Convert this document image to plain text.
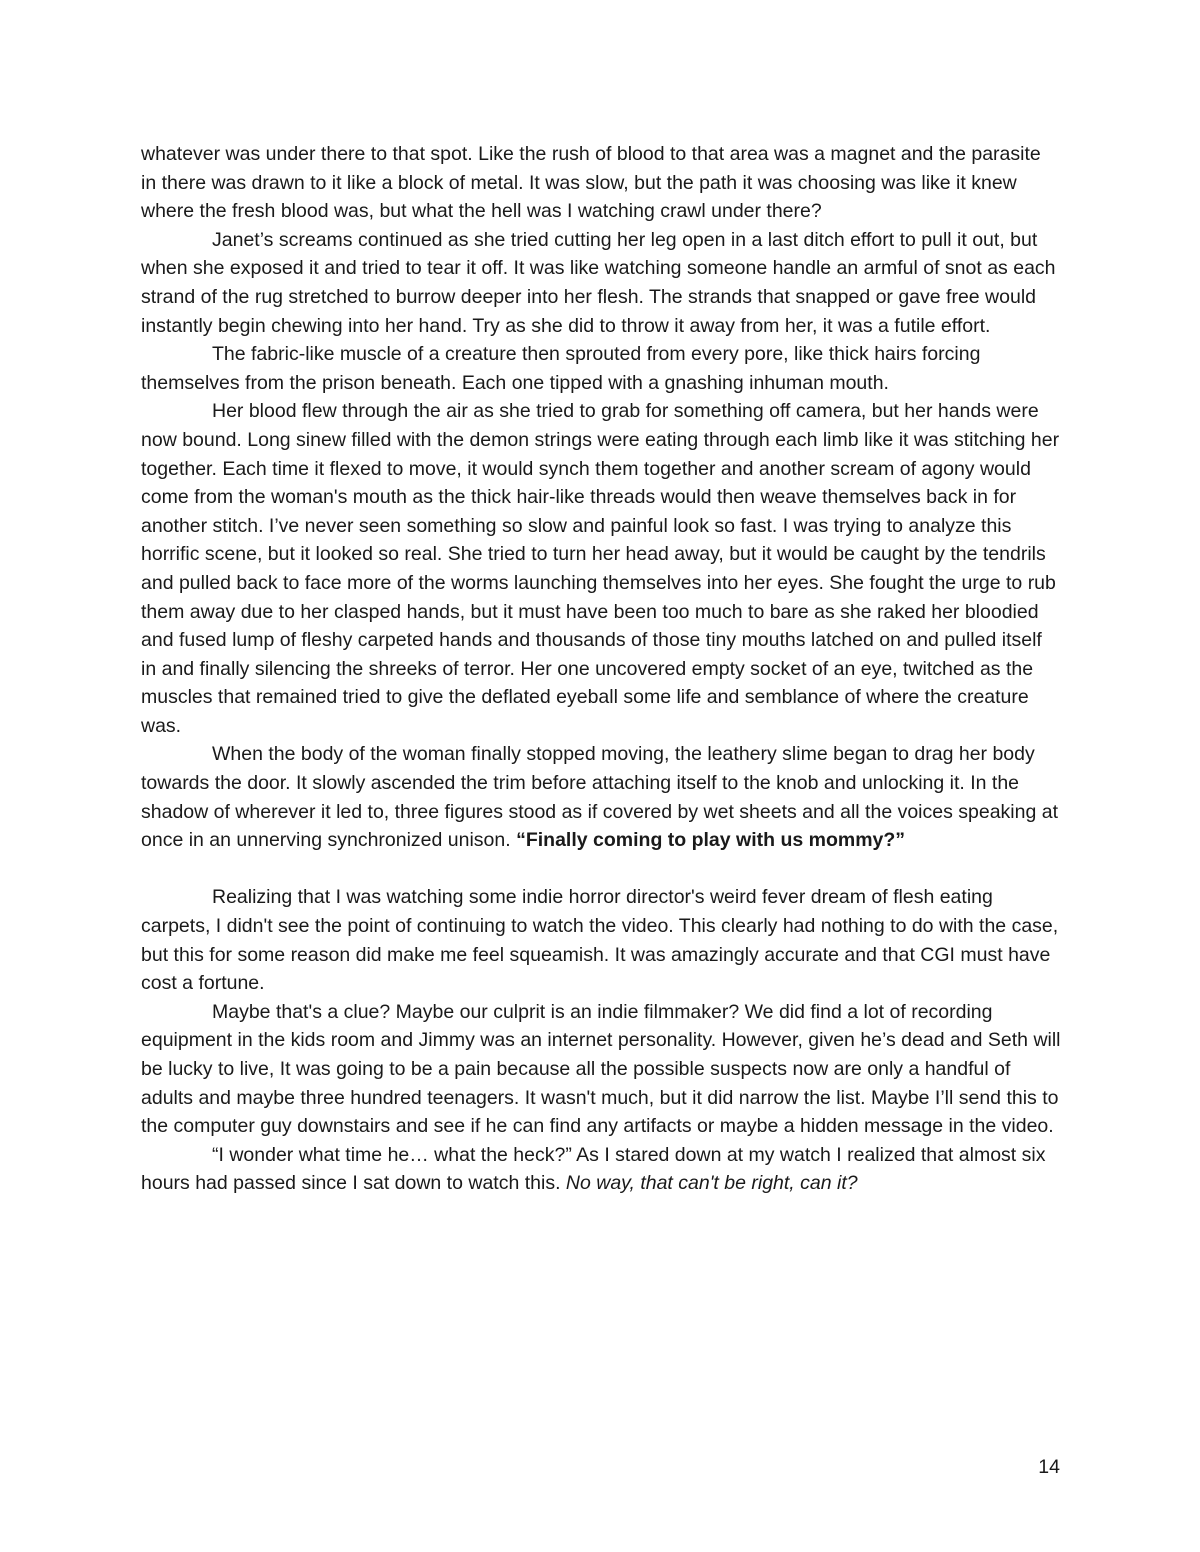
whatever was under there to that spot. Like the rush of blood to that area was a magnet and the parasite in there was drawn to it like a block of metal. It was slow, but the path it was choosing was like it knew where the fresh blood was, but what the hell was I watching crawl under there?

Janet’s screams continued as she tried cutting her leg open in a last ditch effort to pull it out, but when she exposed it and tried to tear it off. It was like watching someone handle an armful of snot as each strand of the rug stretched to burrow deeper into her flesh. The strands that snapped or gave free would instantly begin chewing into her hand. Try as she did to throw it away from her, it was a futile effort.

The fabric-like muscle of a creature then sprouted from every pore, like thick hairs forcing themselves from the prison beneath. Each one tipped with a gnashing inhuman mouth.

Her blood flew through the air as she tried to grab for something off camera, but her hands were now bound. Long sinew filled with the demon strings were eating through each limb like it was stitching her together. Each time it flexed to move, it would synch them together and another scream of agony would come from the woman's mouth as the thick hair-like threads would then weave themselves back in for another stitch. I’ve never seen something so slow and painful look so fast. I was trying to analyze this horrific scene, but it looked so real. She tried to turn her head away, but it would be caught by the tendrils and pulled back to face more of the worms launching themselves into her eyes. She fought the urge to rub them away due to her clasped hands, but it must have been too much to bare as she raked her bloodied and fused lump of fleshy carpeted hands and thousands of those tiny mouths latched on and pulled itself in and finally silencing the shreeks of terror. Her one uncovered empty socket of an eye, twitched as the muscles that remained tried to give the deflated eyeball some life and semblance of where the creature was.

When the body of the woman finally stopped moving, the leathery slime began to drag her body towards the door. It slowly ascended the trim before attaching itself to the knob and unlocking it. In the shadow of wherever it led to, three figures stood as if covered by wet sheets and all the voices speaking at once in an unnerving synchronized unison. “Finally coming to play with us mommy?”

Realizing that I was watching some indie horror director's weird fever dream of flesh eating carpets, I didn't see the point of continuing to watch the video. This clearly had nothing to do with the case, but this for some reason did make me feel squeamish. It was amazingly accurate and that CGI must have cost a fortune.

Maybe that's a clue? Maybe our culprit is an indie filmmaker? We did find a lot of recording equipment in the kids room and Jimmy was an internet personality. However, given he’s dead and Seth will be lucky to live, It was going to be a pain because all the possible suspects now are only a handful of adults and maybe three hundred teenagers. It wasn't much, but it did narrow the list. Maybe I’ll send this to the computer guy downstairs and see if he can find any artifacts or maybe a hidden message in the video.

“I wonder what time he… what the heck?” As I stared down at my watch I realized that almost six hours had passed since I sat down to watch this. No way, that can't be right, can it?

14
